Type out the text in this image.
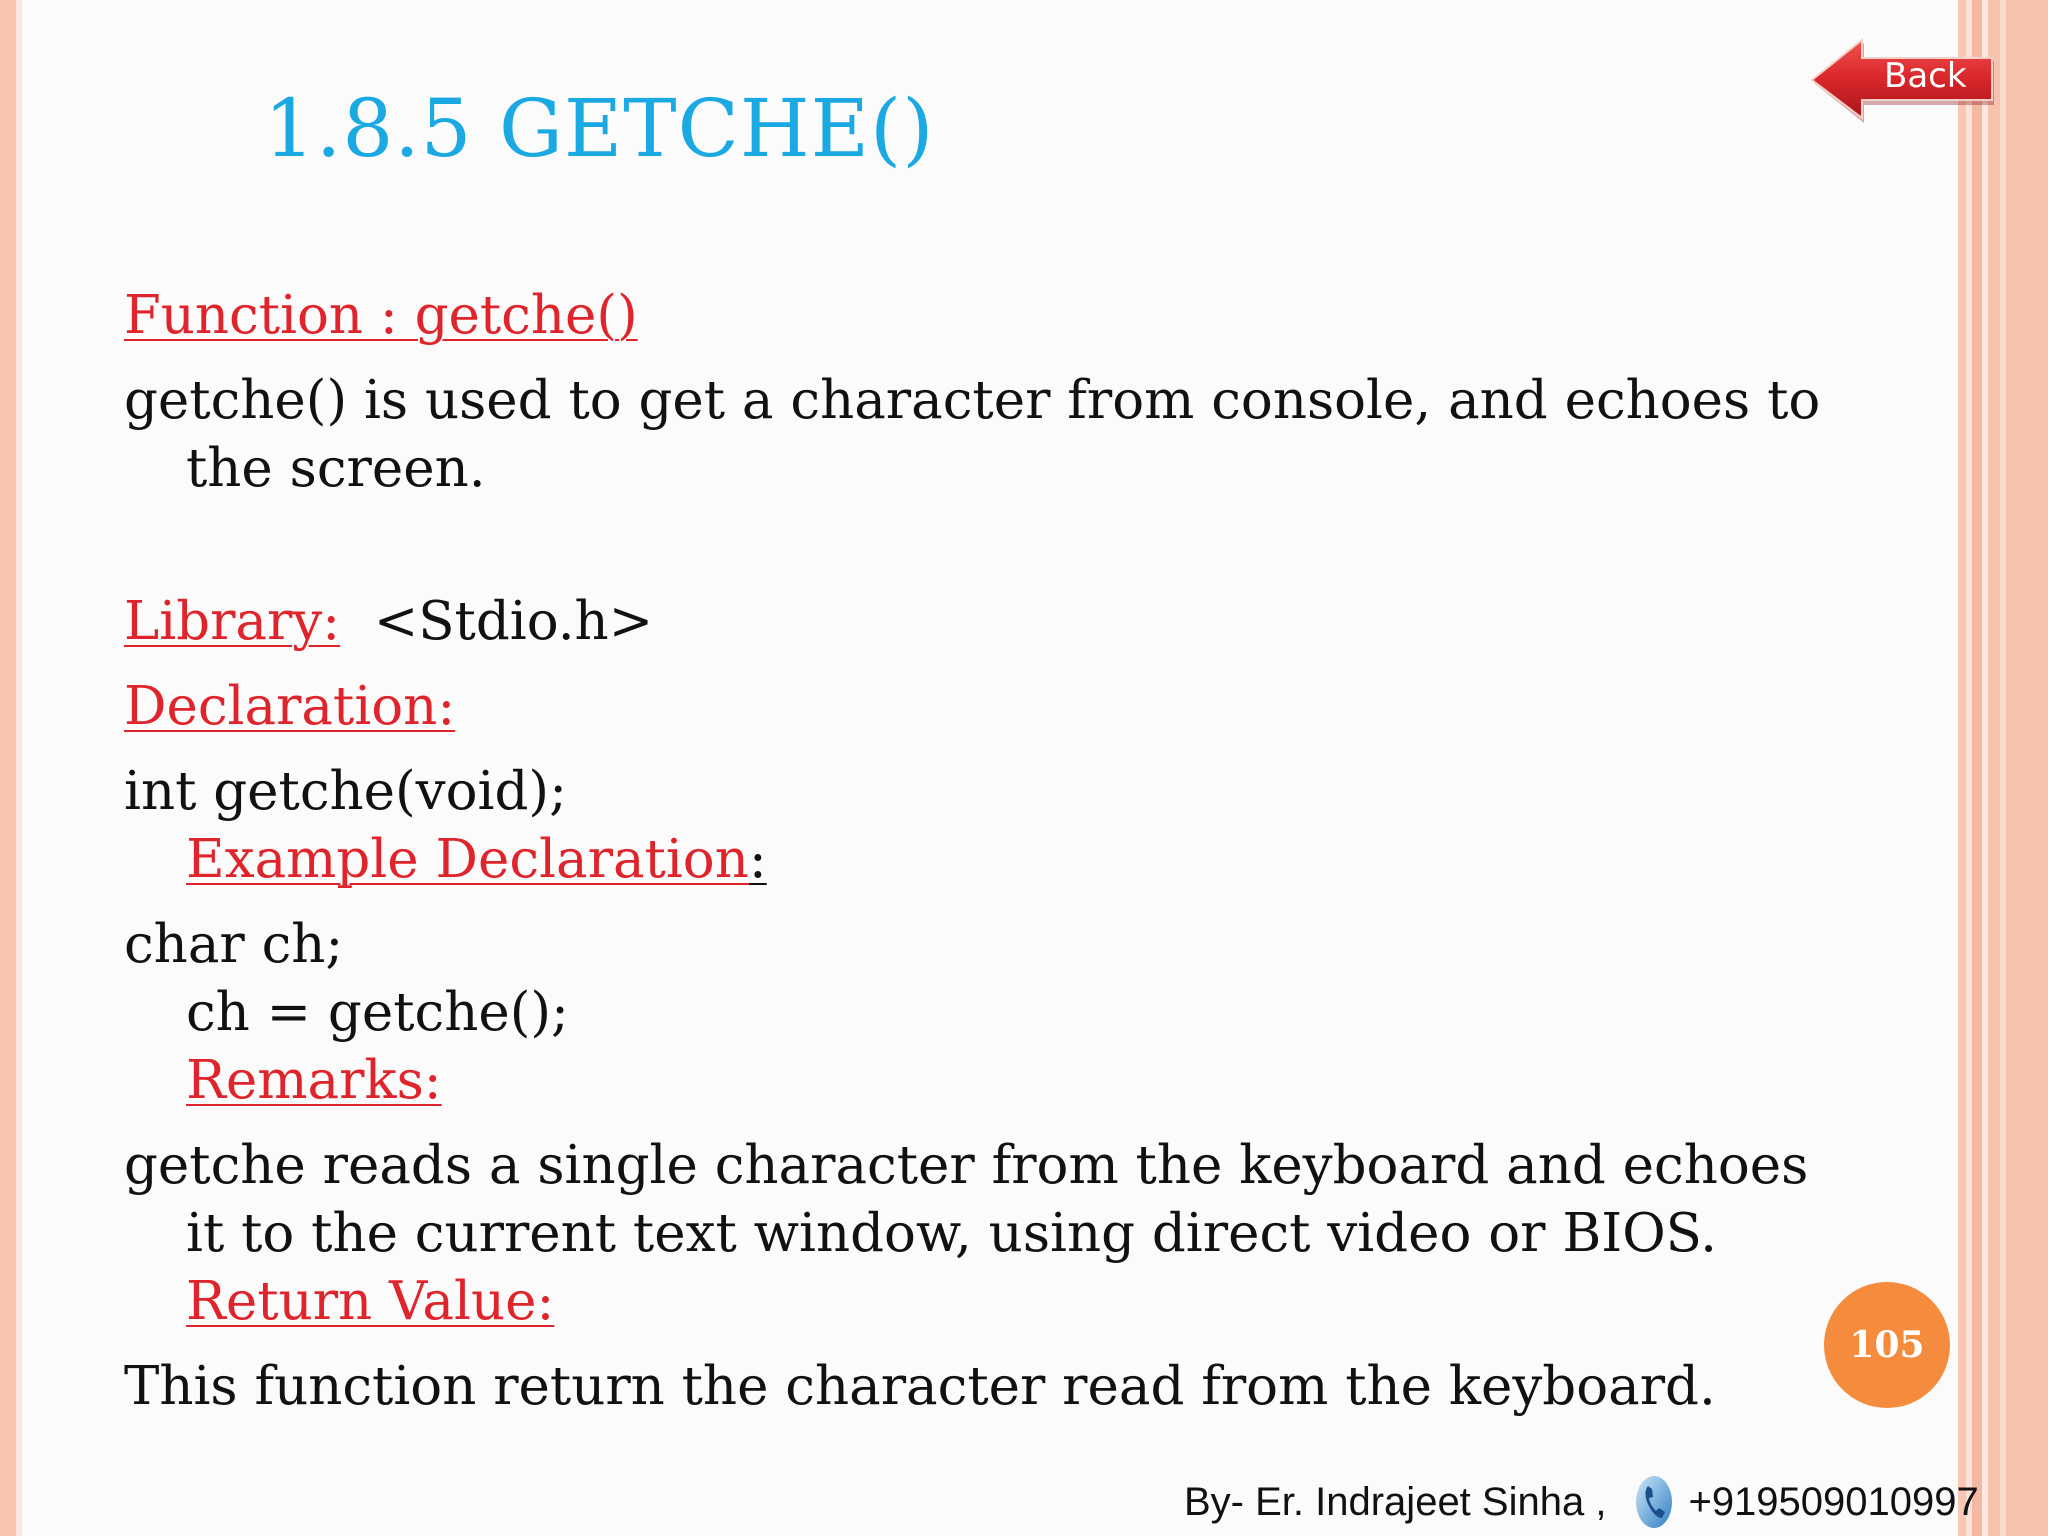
1.8.5 GETCHE()
Back
Function : getche()
getche() is used to get a character from console, and echoes to
the screen.
Library: <Stdio.h>
Declaration:
int getche(void);
Example Declaration:
char ch;
ch = getche();
Remarks:
getche reads a single character from the keyboard and echoes
it to the current text window, using direct video or BIOS.
Return Value:
This function return the character read from the keyboard.
105
By- Er. Indrajeet Sinha , +919509010997
